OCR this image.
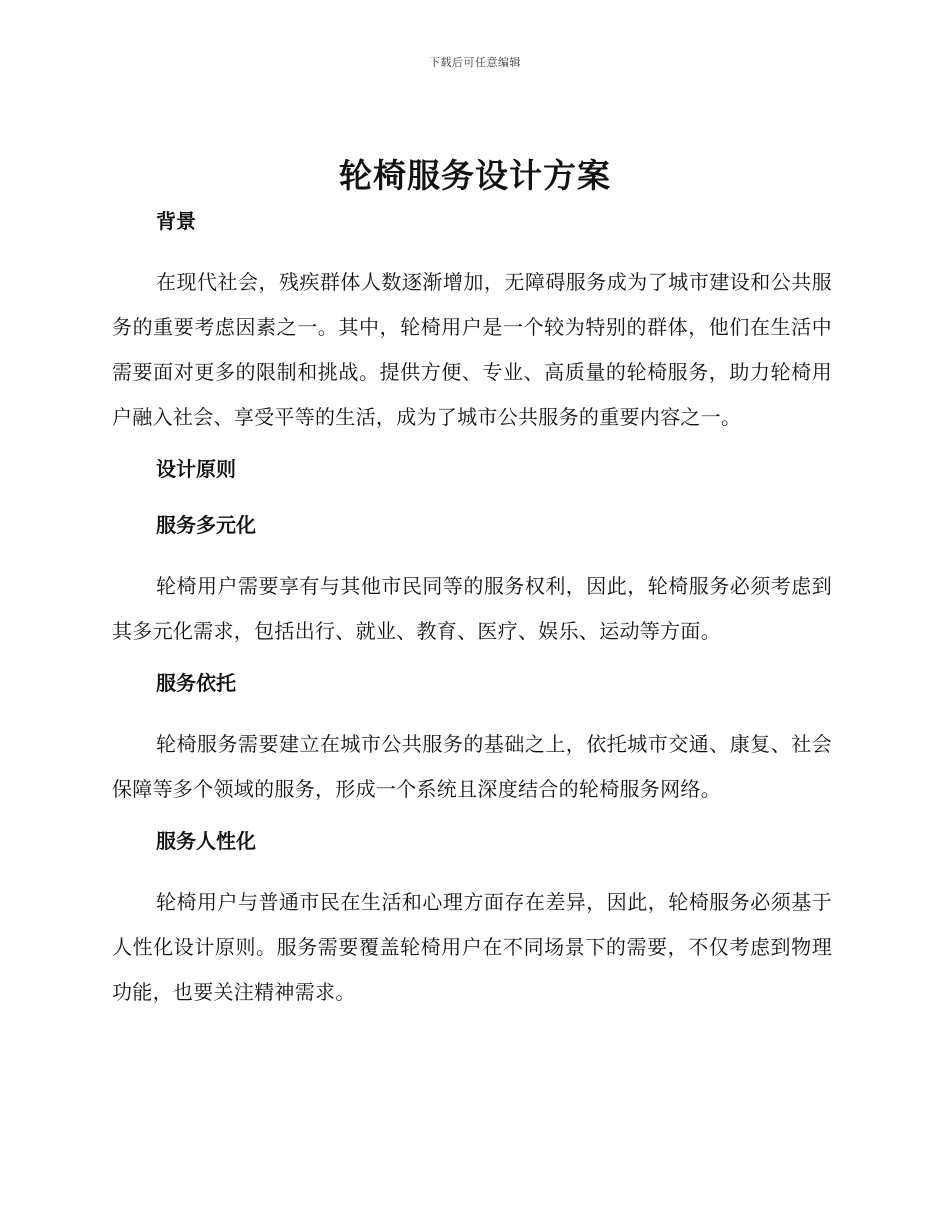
下载后可任意编辑
轮椅服务设计方案
背景

在现代社会，残疾群体人数逐渐增加，无障碍服务成为了城市建设和公共服务的重要考虑因素之一。其中，轮椅用户是一个较为特别的群体，他们在生活中需要面对更多的限制和挑战。提供方便、专业、高质量的轮椅服务，助力轮椅用户融入社会、享受平等的生活，成为了城市公共服务的重要内容之一。

设计原则
服务多元化

轮椅用户需要享有与其他市民同等的服务权利，因此，轮椅服务必须考虑到其多元化需求，包括出行、就业、教育、医疗、娱乐、运动等方面。

服务依托

轮椅服务需要建立在城市公共服务的基础之上，依托城市交通、康复、社会保障等多个领域的服务，形成一个系统且深度结合的轮椅服务网络。

服务人性化

轮椅用户与普通市民在生活和心理方面存在差异，因此，轮椅服务必须基于人性化设计原则。服务需要覆盖轮椅用户在不同场景下的需要，不仅考虑到物理功能，也要关注精神需求。
